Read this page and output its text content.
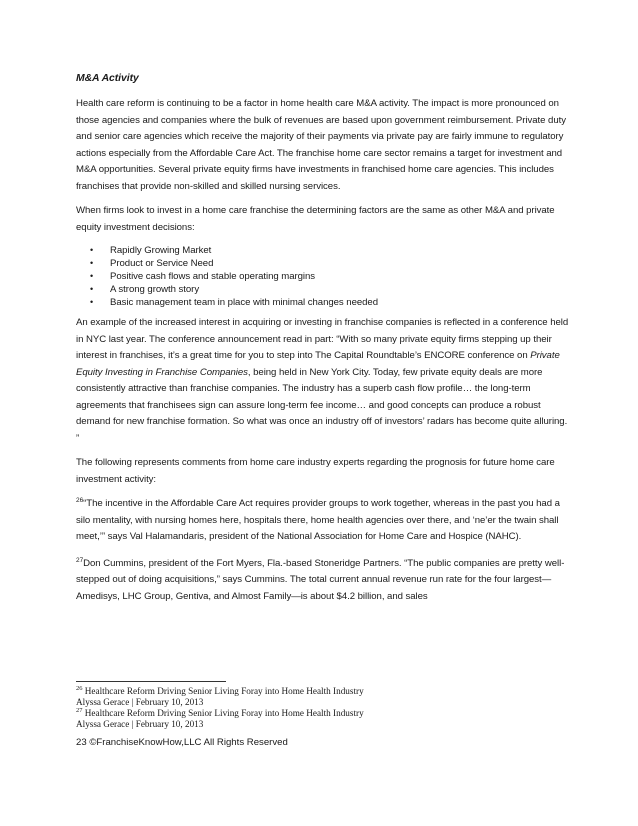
M&A Activity

Health care reform is continuing to be a factor in home health care M&A activity. The impact is more pronounced on those agencies and companies where the bulk of revenues are based upon government reimbursement. Private duty and senior care agencies which receive the majority of their payments via private pay are fairly immune to regulatory actions especially from the Affordable Care Act. The franchise home care sector remains a target for investment and M&A opportunities. Several private equity firms have investments in franchised home care agencies. This includes franchises that provide non-skilled and skilled nursing services.

When firms look to invest in a home care franchise the determining factors are the same as other M&A and private equity investment decisions:

• Rapidly Growing Market
• Product or Service Need
• Positive cash flows and stable operating margins
• A strong growth story
• Basic management team in place with minimal changes needed

An example of the increased interest in acquiring or investing in franchise companies is reflected in a conference held in NYC last year. The conference announcement read in part: “With so many private equity firms stepping up their interest in franchises, it’s a great time for you to step into The Capital Roundtable’s ENCORE conference on Private Equity Investing in Franchise Companies, being held in New York City. Today, few private equity deals are more consistently attractive than franchise companies. The industry has a superb cash flow profile… the long-term agreements that franchisees sign can assure long-term fee income… and good concepts can produce a robust demand for new franchise formation. So what was once an industry off of investors’ radars has become quite alluring. ”

The following represents comments from home care industry experts regarding the prognosis for future home care investment activity:

$^{26}$“The incentive in the Affordable Care Act requires provider groups to work together, whereas in the past you had a silo mentality, with nursing homes here, hospitals there, home health agencies over there, and ‘ne’er the twain shall meet,’” says Val Halamandaris, president of the National Association for Home Care and Hospice (NAHC).

$^{27}$Don Cummins, president of the Fort Myers, Fla.-based Stoneridge Partners. “The public companies are pretty well-stepped out of doing acquisitions,” says Cummins. The total current annual revenue run rate for the four largest—Amedisys, LHC Group, Gentiva, and Almost Family—is about $4.2 billion, and sales

$^{26}$ Healthcare Reform Driving Senior Living Foray into Home Health Industry
Alyssa Gerace | February 10, 2013
$^{27}$ Healthcare Reform Driving Senior Living Foray into Home Health Industry
Alyssa Gerace | February 10, 2013
23 ©FranchiseKnowHow,LLC All Rights Reserved
